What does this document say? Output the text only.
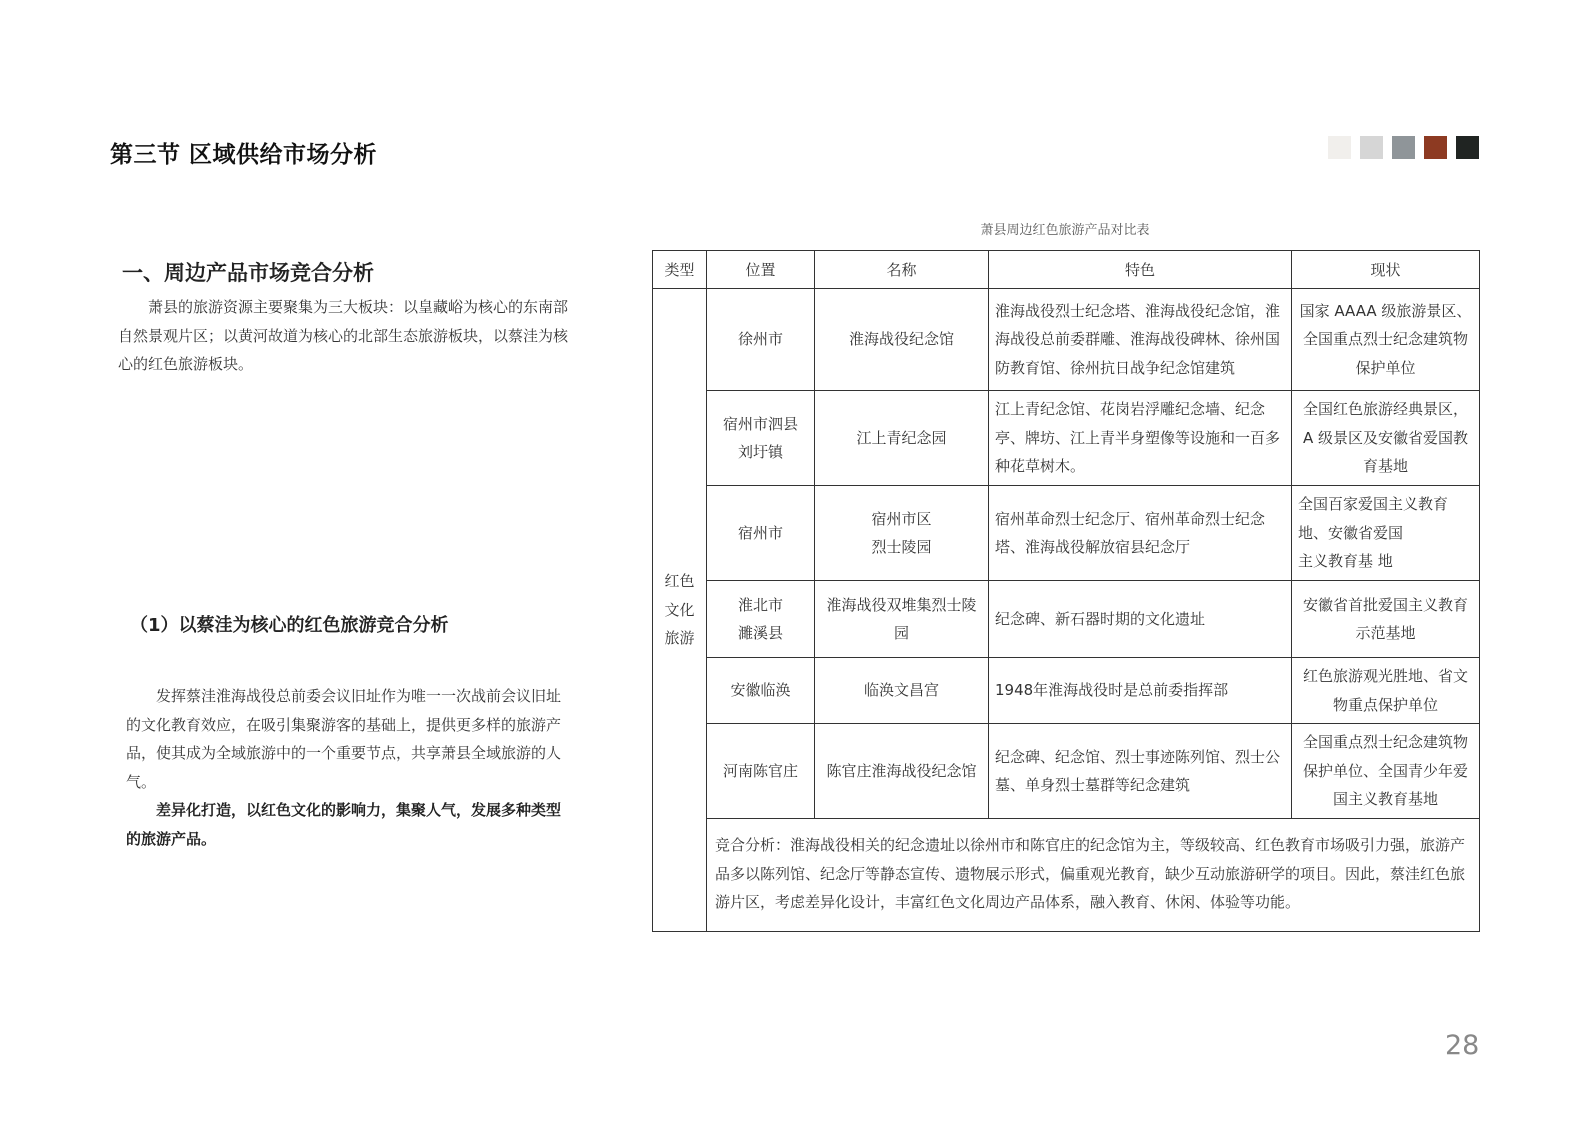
第三节 区域供给市场分析
一、周边产品市场竞合分析

萧县的旅游资源主要聚集为三大板块：以皇藏峪为核心的东南部自然景观片区；以黄河故道为核心的北部生态旅游板块，以蔡洼为核心的红色旅游板块。

（1）以蔡洼为核心的红色旅游竞合分析

发挥蔡洼淮海战役总前委会议旧址作为唯一一次战前会议旧址的文化教育效应，在吸引集聚游客的基础上，提供更多样的旅游产品，使其成为全域旅游中的一个重要节点，共享萧县全域旅游的人气。

差异化打造，以红色文化的影响力，集聚人气，发展多种类型的旅游产品。

萧县周边红色旅游产品对比表
类型	位置	名称	特色	现状
红色
文化
旅游	徐州市	淮海战役纪念馆	淮海战役烈士纪念塔、淮海战役纪念馆，淮海战役总前委群雕、淮海战役碑林、徐州国防教育馆、徐州抗日战争纪念馆建筑	国家 AAAA 级旅游景区、全国重点烈士纪念建筑物保护单位
	宿州市泗县
刘圩镇	江上青纪念园	江上青纪念馆、花岗岩浮雕纪念墙、纪念亭、牌坊、江上青半身塑像等设施和一百多种花草树木。	全国红色旅游经典景区，A 级景区及安徽省爱国教育基地
	宿州市	宿州市区
烈士陵园	宿州革命烈士纪念厅、宿州革命烈士纪念塔、淮海战役解放宿县纪念厅	全国百家爱国主义教育地、安徽省爱国
主义教育基 地
	淮北市
濉溪县	淮海战役双堆集烈士陵园	纪念碑、新石器时期的文化遗址	安徽省首批爱国主义教育示范基地
	安徽临涣	临涣文昌宫	1948年淮海战役时是总前委指挥部	红色旅游观光胜地、省文物重点保护单位
	河南陈官庄	陈官庄淮海战役纪念馆	纪念碑、纪念馆、烈士事迹陈列馆、烈士公墓、单身烈士墓群等纪念建筑	全国重点烈士纪念建筑物保护单位、全国青少年爱国主义教育基地
	竞合分析：淮海战役相关的纪念遗址以徐州市和陈官庄的纪念馆为主，等级较高、红色教育市场吸引力强，旅游产品多以陈列馆、纪念厅等静态宣传、遗物展示形式，偏重观光教育，缺少互动旅游研学的项目。因此，蔡洼红色旅游片区，考虑差异化设计，丰富红色文化周边产品体系，融入教育、休闲、体验等功能。			
28
